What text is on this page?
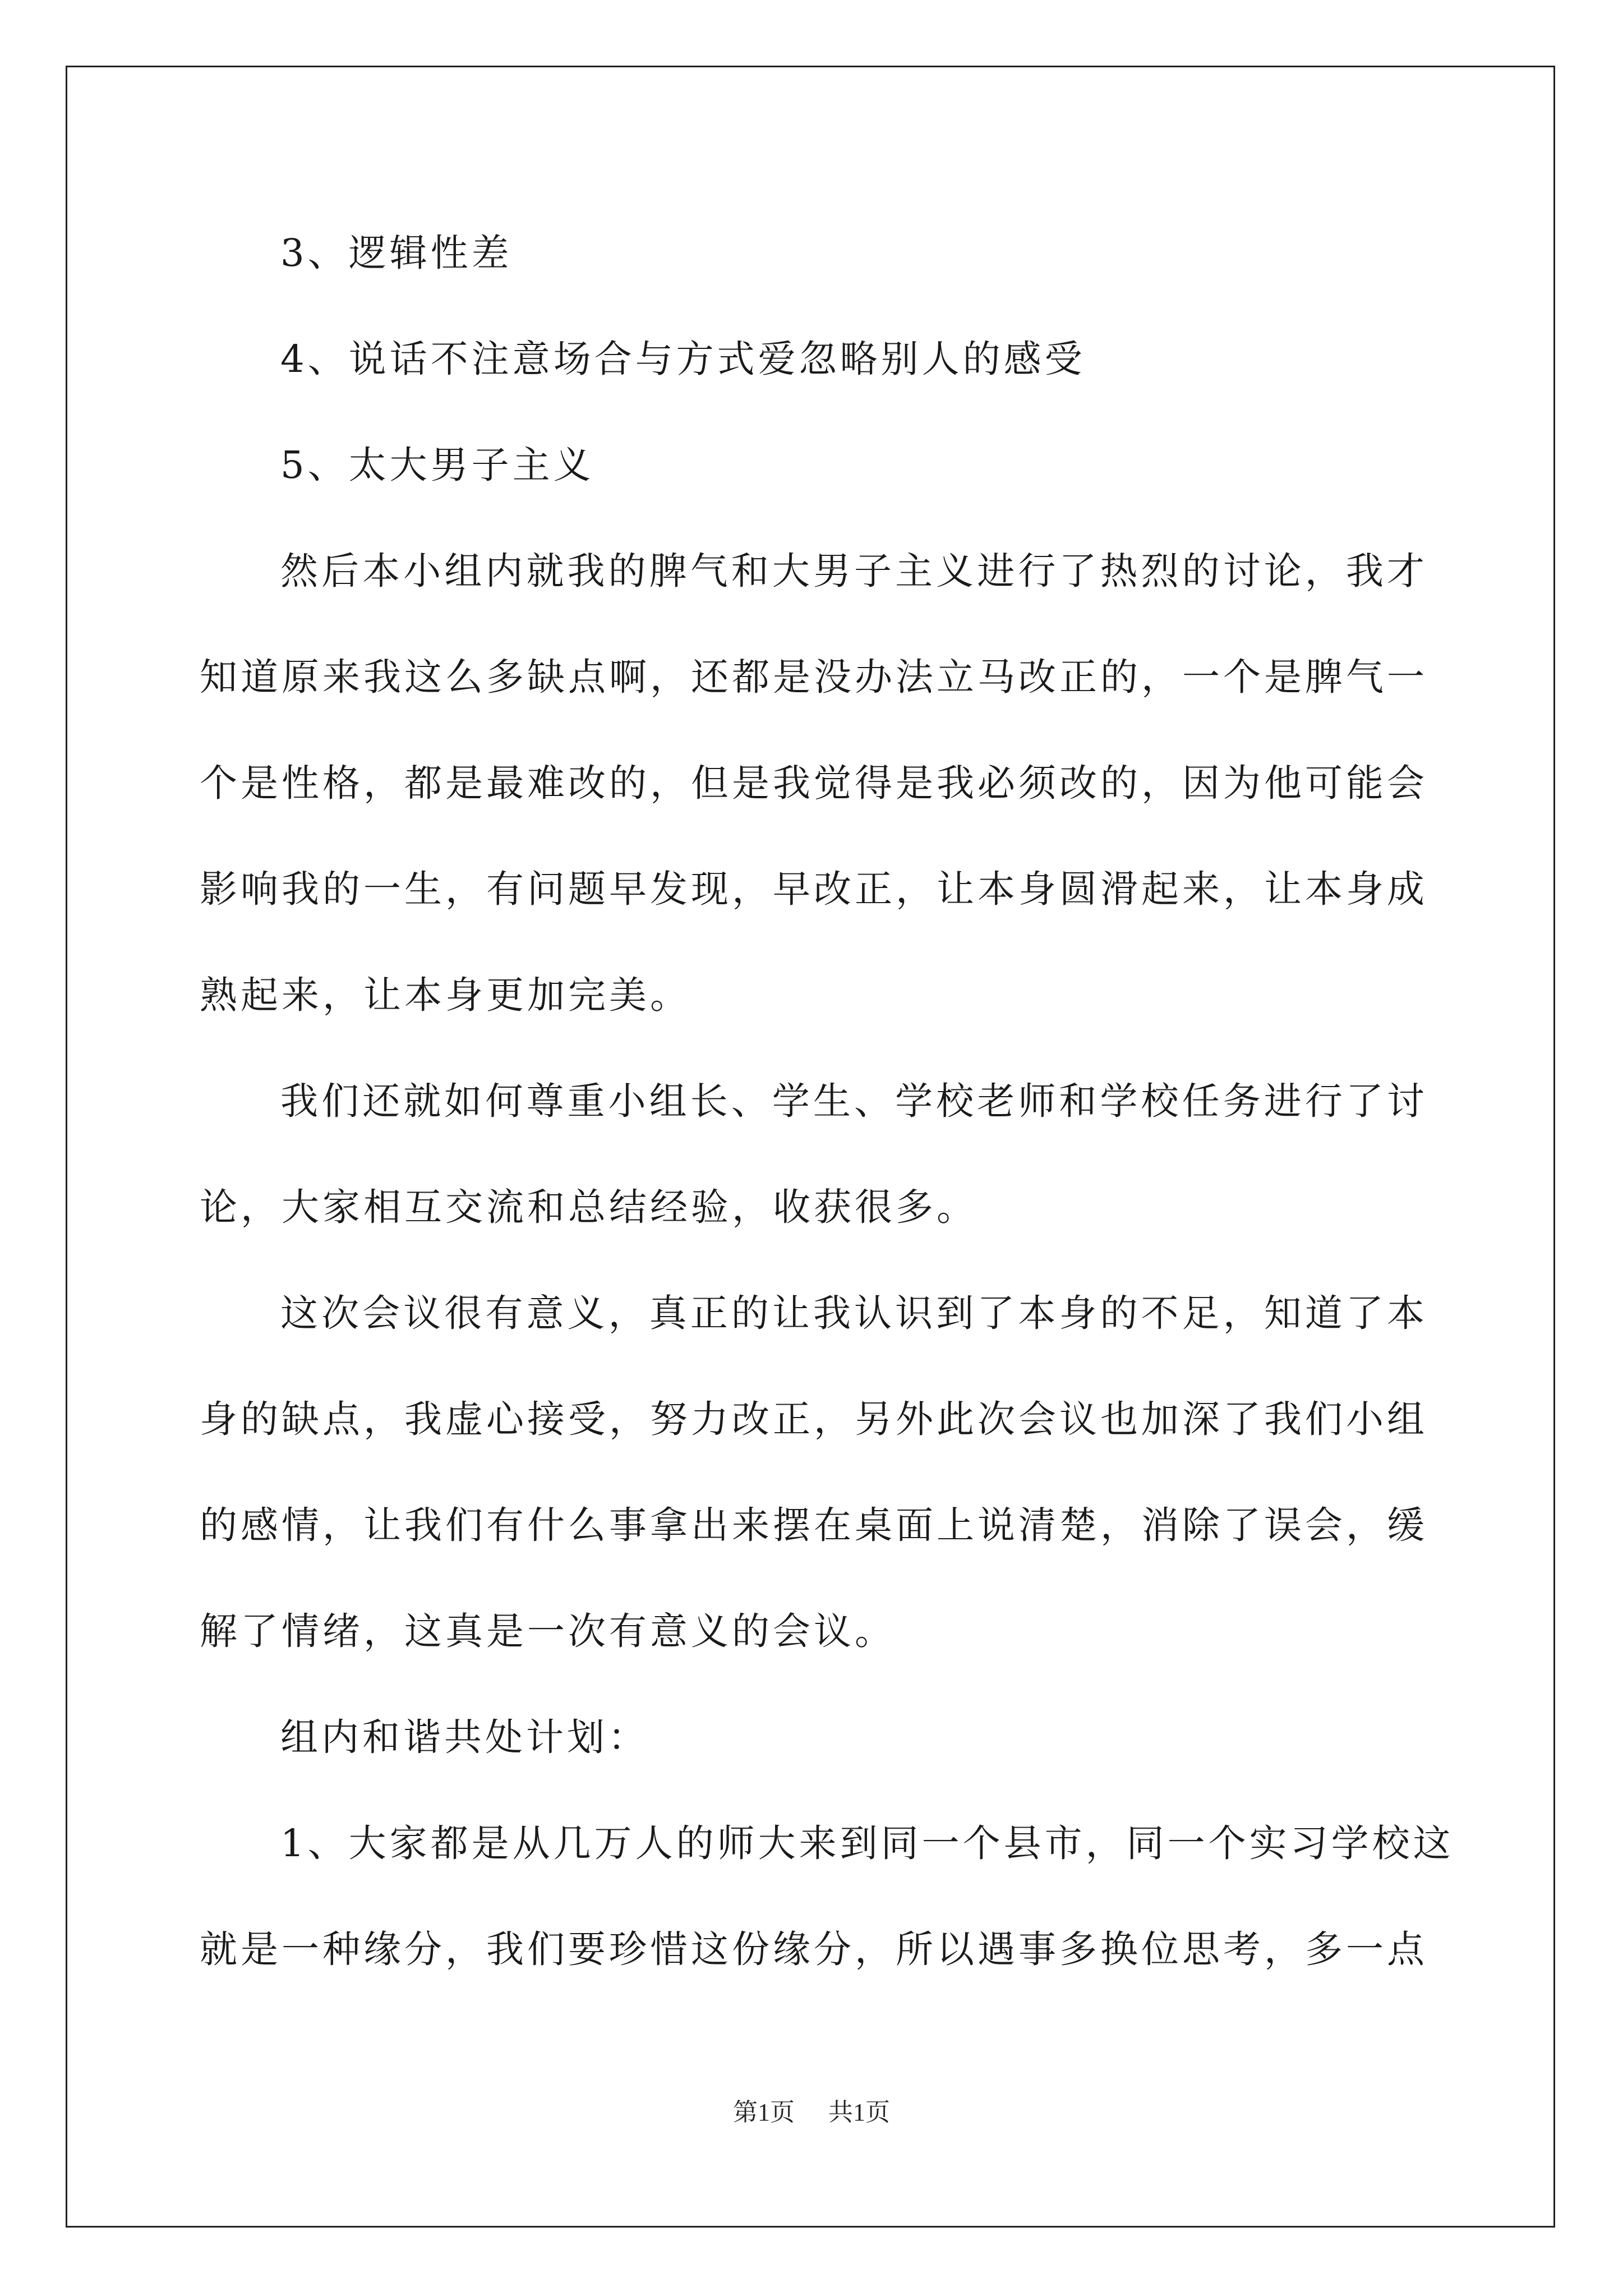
3、逻辑性差
4、说话不注意场合与方式爱忽略别人的感受
5、太大男子主义
然后本小组内就我的脾气和大男子主义进行了热烈的讨论，我才
知道原来我这么多缺点啊，还都是没办法立马改正的，一个是脾气一
个是性格，都是最难改的，但是我觉得是我必须改的，因为他可能会
影响我的一生，有问题早发现，早改正，让本身圆滑起来，让本身成
熟起来，让本身更加完美。
我们还就如何尊重小组长、学生、学校老师和学校任务进行了讨
论，大家相互交流和总结经验，收获很多。
这次会议很有意义，真正的让我认识到了本身的不足，知道了本
身的缺点，我虚心接受，努力改正，另外此次会议也加深了我们小组
的感情，让我们有什么事拿出来摆在桌面上说清楚，消除了误会，缓
解了情绪，这真是一次有意义的会议。
组内和谐共处计划：
1、大家都是从几万人的师大来到同一个县市，同一个实习学校这
就是一种缘分，我们要珍惜这份缘分，所以遇事多换位思考，多一点
第1页 共1页
